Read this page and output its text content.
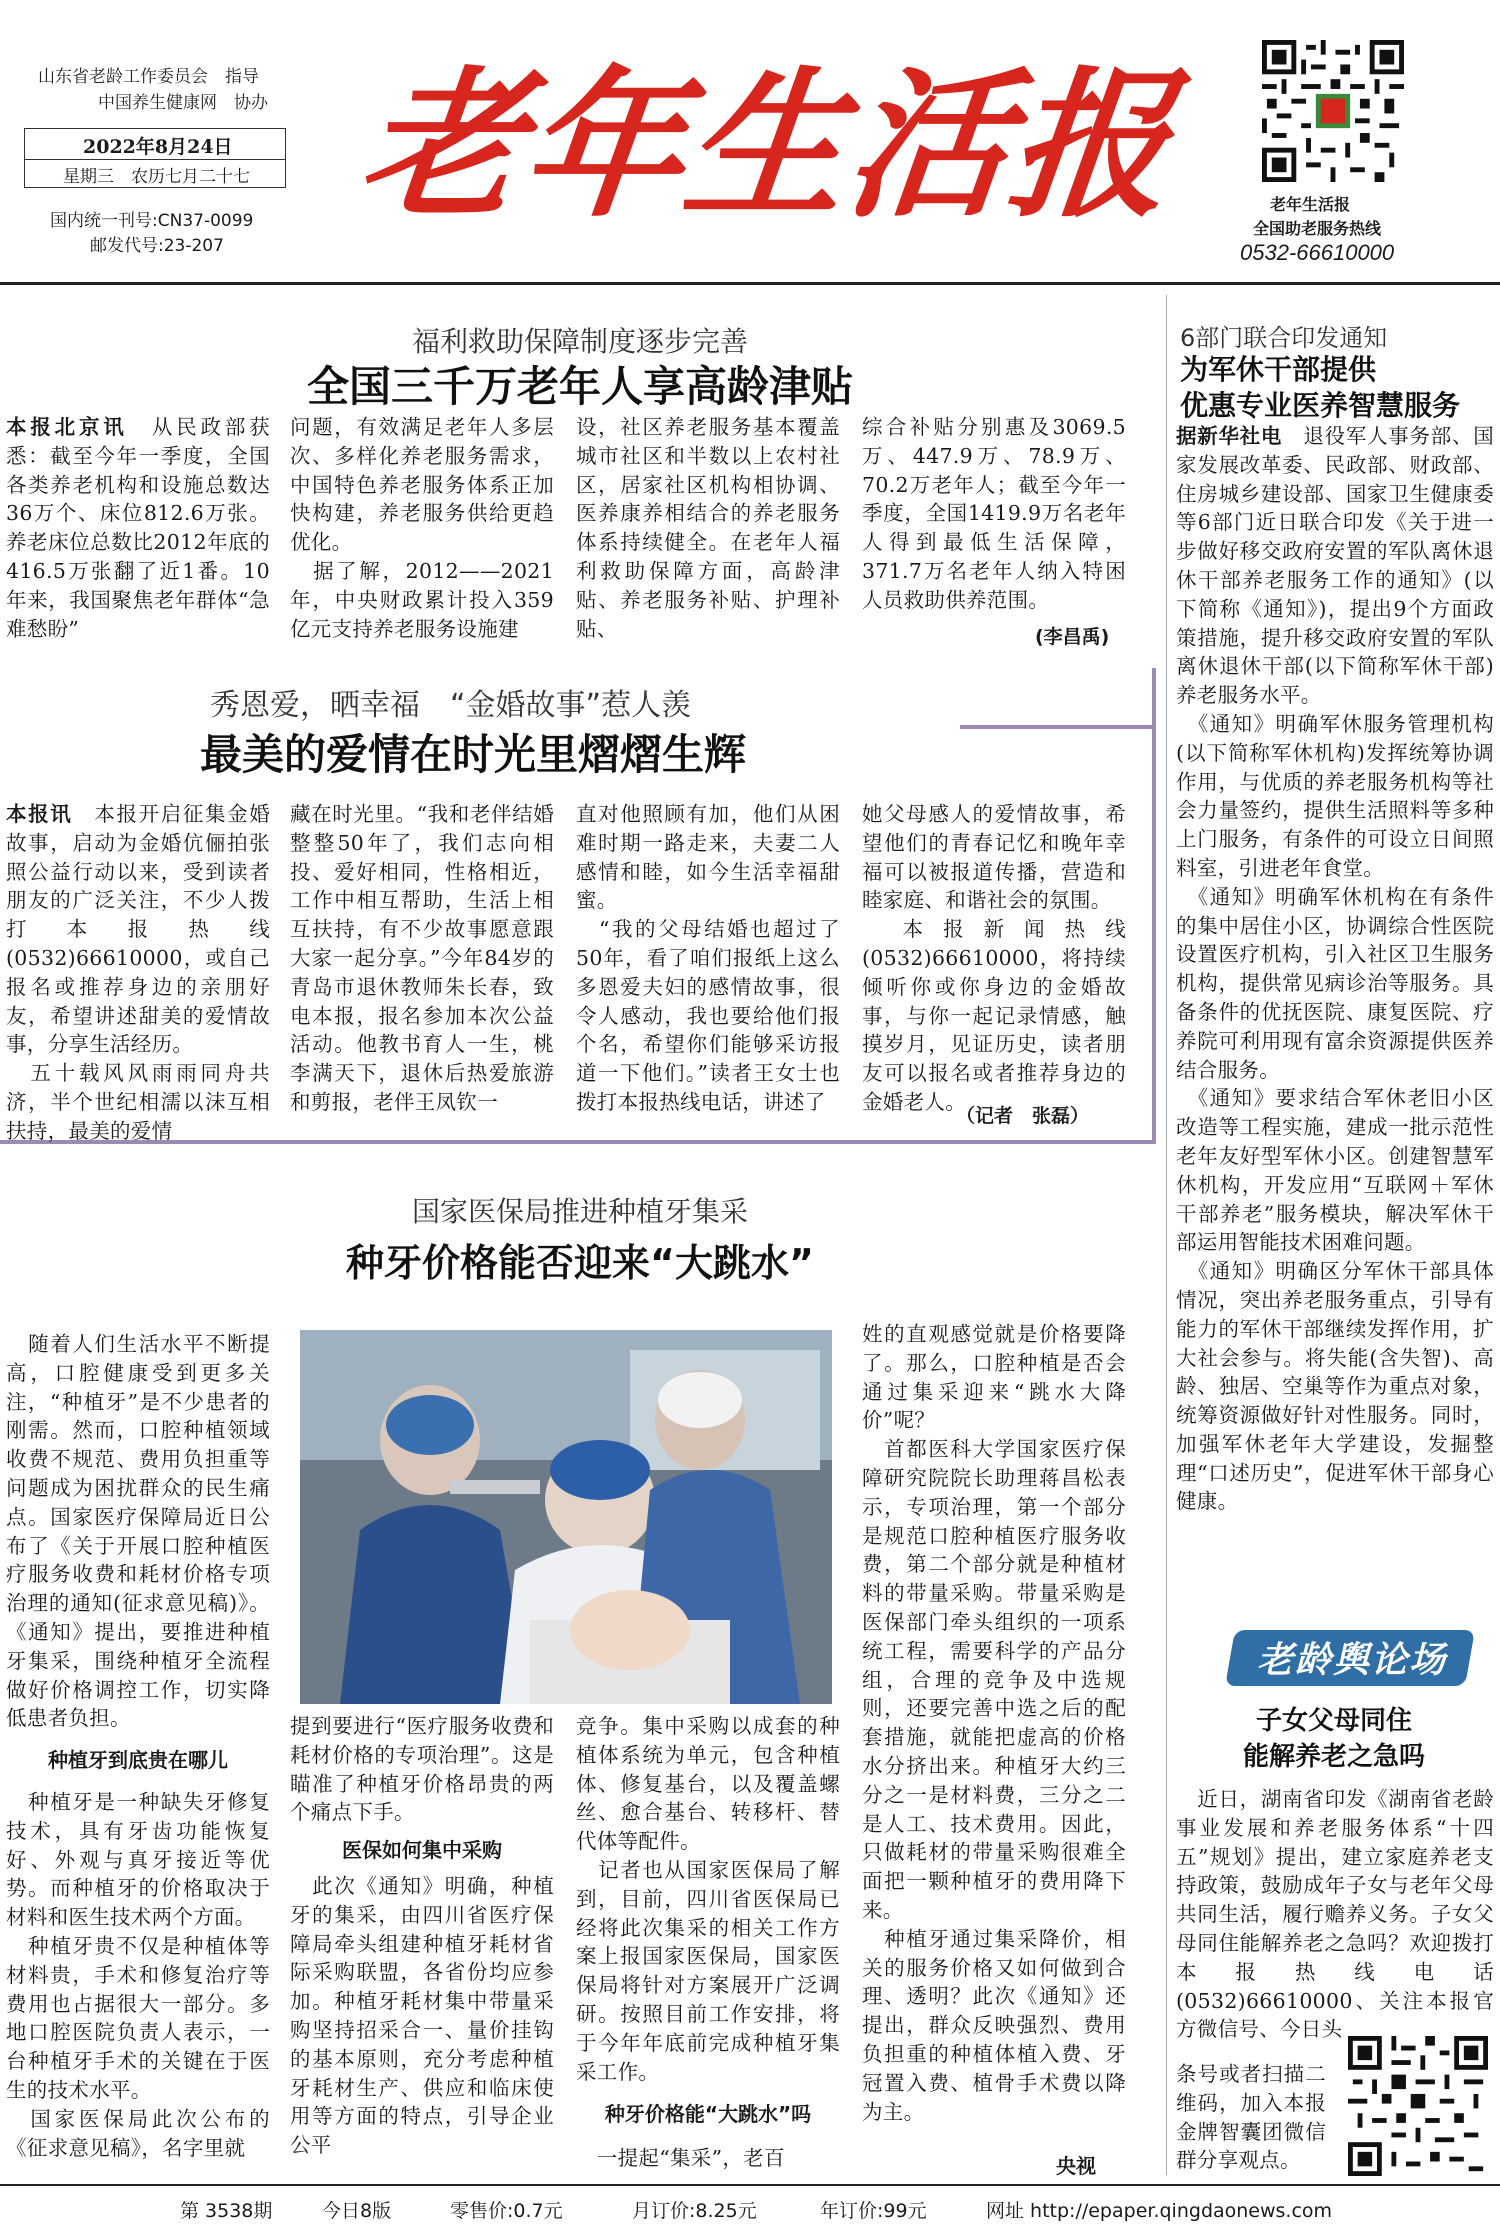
山东省老龄工作委员会　指导
中国养生健康网　协办
2022年8月24日
星期三　农历七月二十七
国内统一刊号:CN37-0099
邮发代号:23-207
老年生活报	老年生活报
全国助老服务热线
0532-66610000
福利救助保障制度逐步完善
全国三千万老年人享高龄津贴
本报北京讯　从民政部获悉：截至今年一季度，全国各类养老机构和设施总数达36万个、床位812.6万张。养老床位总数比2012年底的416.5万张翻了近1番。10年来，我国聚焦老年群体“急难愁盼”
问题，有效满足老年人多层次、多样化养老服务需求，中国特色养老服务体系正加快构建，养老服务供给更趋优化。
　据了解，2012——2021年，中央财政累计投入359亿元支持养老服务设施建
设，社区养老服务基本覆盖城市社区和半数以上农村社区，居家社区机构相协调、医养康养相结合的养老服务体系持续健全。在老年人福利救助保障方面，高龄津贴、养老服务补贴、护理补贴、
综合补贴分别惠及3069.5万、447.9万、78.9万、70.2万老年人；截至今年一季度，全国1419.9万名老年人得到最低生活保障，371.7万名老年人纳入特困人员救助供养范围。
(李昌禹)
秀恩爱，晒幸福　“金婚故事”惹人羡
最美的爱情在时光里熠熠生辉
本报讯　本报开启征集金婚故事，启动为金婚伉俪拍张照公益行动以来，受到读者朋友的广泛关注，不少人拨打本报热线(0532)66610000，或自己报名或推荐身边的亲朋好友，希望讲述甜美的爱情故事，分享生活经历。
　五十载风风雨雨同舟共济，半个世纪相濡以沫互相扶持，最美的爱情
藏在时光里。“我和老伴结婚整整50年了，我们志向相投、爱好相同，性格相近，工作中相互帮助，生活上相互扶持，有不少故事愿意跟大家一起分享。”今年84岁的青岛市退休教师朱长春，致电本报，报名参加本次公益活动。他教书育人一生，桃李满天下，退休后热爱旅游和剪报，老伴王凤钦一
直对他照顾有加，他们从困难时期一路走来，夫妻二人感情和睦，如今生活幸福甜蜜。
　“我的父母结婚也超过了50年，看了咱们报纸上这么多恩爱夫妇的感情故事，很令人感动，我也要给他们报个名，希望你们能够采访报道一下他们。”读者王女士也拨打本报热线电话，讲述了
她父母感人的爱情故事，希望他们的青春记忆和晚年幸福可以被报道传播，营造和睦家庭、和谐社会的氛围。
　本报新闻热线(0532)66610000，将持续倾听你或你身边的金婚故事，与你一起记录情感，触摸岁月，见证历史，读者朋友可以报名或者推荐身边的金婚老人。
（记者　张磊）
国家医保局推进种植牙集采
种牙价格能否迎来“大跳水”
　随着人们生活水平不断提高，口腔健康受到更多关注，“种植牙”是不少患者的刚需。然而，口腔种植领域收费不规范、费用负担重等问题成为困扰群众的民生痛点。国家医疗保障局近日公布了《关于开展口腔种植医疗服务收费和耗材价格专项治理的通知(征求意见稿)》。《通知》提出，要推进种植牙集采，围绕种植牙全流程做好价格调控工作，切实降低患者负担。
种植牙到底贵在哪儿
　种植牙是一种缺失牙修复技术，具有牙齿功能恢复好、外观与真牙接近等优势。而种植牙的价格取决于材料和医生技术两个方面。
　种植牙贵不仅是种植体等材料贵，手术和修复治疗等费用也占据很大一部分。多地口腔医院负责人表示，一台种植牙手术的关键在于医生的技术水平。
　国家医保局此次公布的《征求意见稿》，名字里就
提到要进行“医疗服务收费和耗材价格的专项治理”。这是瞄准了种植牙价格昂贵的两个痛点下手。
医保如何集中采购
　此次《通知》明确，种植牙的集采，由四川省医疗保障局牵头组建种植牙耗材省际采购联盟，各省份均应参加。种植牙耗材集中带量采购坚持招采合一、量价挂钩的基本原则，充分考虑种植牙耗材生产、供应和临床使用等方面的特点，引导企业公平
竞争。集中采购以成套的种植体系统为单元，包含种植体、修复基台，以及覆盖螺丝、愈合基台、转移杆、替代体等配件。
　记者也从国家医保局了解到，目前，四川省医保局已经将此次集采的相关工作方案上报国家医保局，国家医保局将针对方案展开广泛调研。按照目前工作安排，将于今年年底前完成种植牙集采工作。
种牙价格能“大跳水”吗
　一提起“集采”，老百
姓的直观感觉就是价格要降了。那么，口腔种植是否会通过集采迎来“跳水大降价”呢？
　首都医科大学国家医疗保障研究院院长助理蒋昌松表示，专项治理，第一个部分是规范口腔种植医疗服务收费，第二个部分就是种植材料的带量采购。带量采购是医保部门牵头组织的一项系统工程，需要科学的产品分组，合理的竞争及中选规则，还要完善中选之后的配套措施，就能把虚高的价格水分挤出来。种植牙大约三分之一是材料费，三分之二是人工、技术费用。因此，只做耗材的带量采购很难全面把一颗种植牙的费用降下来。
　种植牙通过集采降价，相关的服务价格又如何做到合理、透明？此次《通知》还提出，群众反映强烈、费用负担重的种植体植入费、牙冠置入费、植骨手术费以降为主。
央视
6部门联合印发通知
为军休干部提供
优惠专业医养智慧服务
据新华社电　退役军人事务部、国家发展改革委、民政部、财政部、住房城乡建设部、国家卫生健康委等6部门近日联合印发《关于进一步做好移交政府安置的军队离休退休干部养老服务工作的通知》(以下简称《通知》)，提出9个方面政策措施，提升移交政府安置的军队离休退休干部(以下简称军休干部)养老服务水平。
　《通知》明确军休服务管理机构(以下简称军休机构)发挥统筹协调作用，与优质的养老服务机构等社会力量签约，提供生活照料等多种上门服务，有条件的可设立日间照料室，引进老年食堂。
　《通知》明确军休机构在有条件的集中居住小区，协调综合性医院设置医疗机构，引入社区卫生服务机构，提供常见病诊治等服务。具备条件的优抚医院、康复医院、疗养院可利用现有富余资源提供医养结合服务。
　《通知》要求结合军休老旧小区改造等工程实施，建成一批示范性老年友好型军休小区。创建智慧军休机构，开发应用“互联网＋军休干部养老”服务模块，解决军休干部运用智能技术困难问题。
　《通知》明确区分军休干部具体情况，突出养老服务重点，引导有能力的军休干部继续发挥作用，扩大社会参与。将失能(含失智)、高龄、独居、空巢等作为重点对象，统筹资源做好针对性服务。同时，加强军休老年大学建设，发掘整理“口述历史”，促进军休干部身心健康。
老龄舆论场
子女父母同住
能解养老之急吗
　近日，湖南省印发《湖南省老龄事业发展和养老服务体系“十四五”规划》提出，建立家庭养老支持政策，鼓励成年子女与老年父母共同生活，履行赡养义务。子女父母同住能解养老之急吗？欢迎拨打本报热线电话(0532)66610000、关注本报官方微信号、今日头
条号或者扫描二维码，加入本报金牌智囊团微信群分享观点。
第 3538期	今日8版	零售价:0.7元	月订价:8.25元	年订价:99元	网址 http://epaper.qingdaonews.com
